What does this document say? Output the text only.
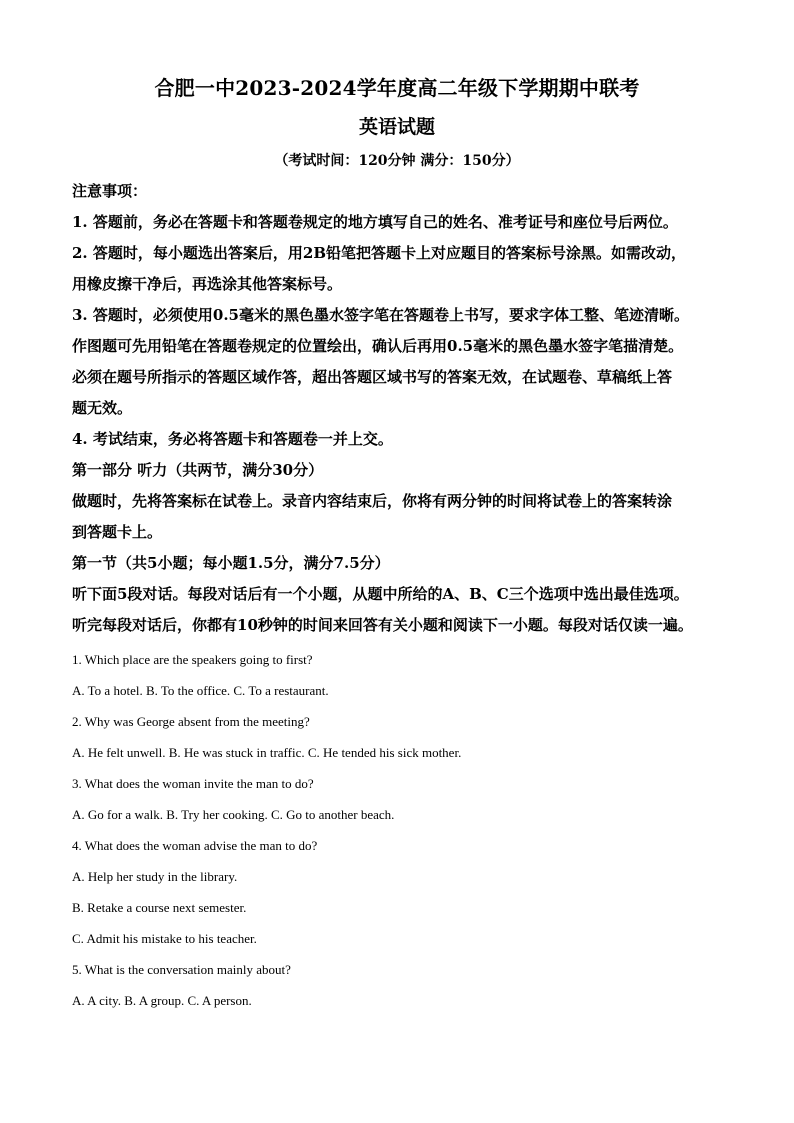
合肥一中2023-2024学年度高二年级下学期期中联考
英语试题
（考试时间：120分钟 满分：150分）

注意事项：

1. 答题前，务必在答题卡和答题卷规定的地方填写自己的姓名、准考证号和座位号后两位。

2. 答题时，每小题选出答案后，用2B铅笔把答题卡上对应题目的答案标号涂黑。如需改动，

用橡皮擦干净后，再选涂其他答案标号。

3. 答题时，必须使用0.5毫米的黑色墨水签字笔在答题卷上书写，要求字体工整、笔迹清晰。

作图题可先用铅笔在答题卷规定的位置绘出，确认后再用0.5毫米的黑色墨水签字笔描清楚。

必须在题号所指示的答题区域作答，超出答题区域书写的答案无效，在试题卷、草稿纸上答

题无效。

4. 考试结束，务必将答题卡和答题卷一并上交。

第一部分 听力（共两节，满分30分）

做题时，先将答案标在试卷上。录音内容结束后，你将有两分钟的时间将试卷上的答案转涂

到答题卡上。

第一节（共5小题；每小题1.5分，满分7.5分）

听下面5段对话。每段对话后有一个小题，从题中所给的A、B、C三个选项中选出最佳选项。

听完每段对话后，你都有10秒钟的时间来回答有关小题和阅读下一小题。每段对话仅读一遍。

1. Which place are the speakers going to first?

A. To a hotel. B. To the office. C. To a restaurant.

2. Why was George absent from the meeting?

A. He felt unwell. B. He was stuck in traffic. C. He tended his sick mother.

3. What does the woman invite the man to do?

A. Go for a walk. B. Try her cooking. C. Go to another beach.

4. What does the woman advise the man to do?

A. Help her study in the library.

B. Retake a course next semester.

C. Admit his mistake to his teacher.

5. What is the conversation mainly about?

A. A city. B. A group. C. A person.
